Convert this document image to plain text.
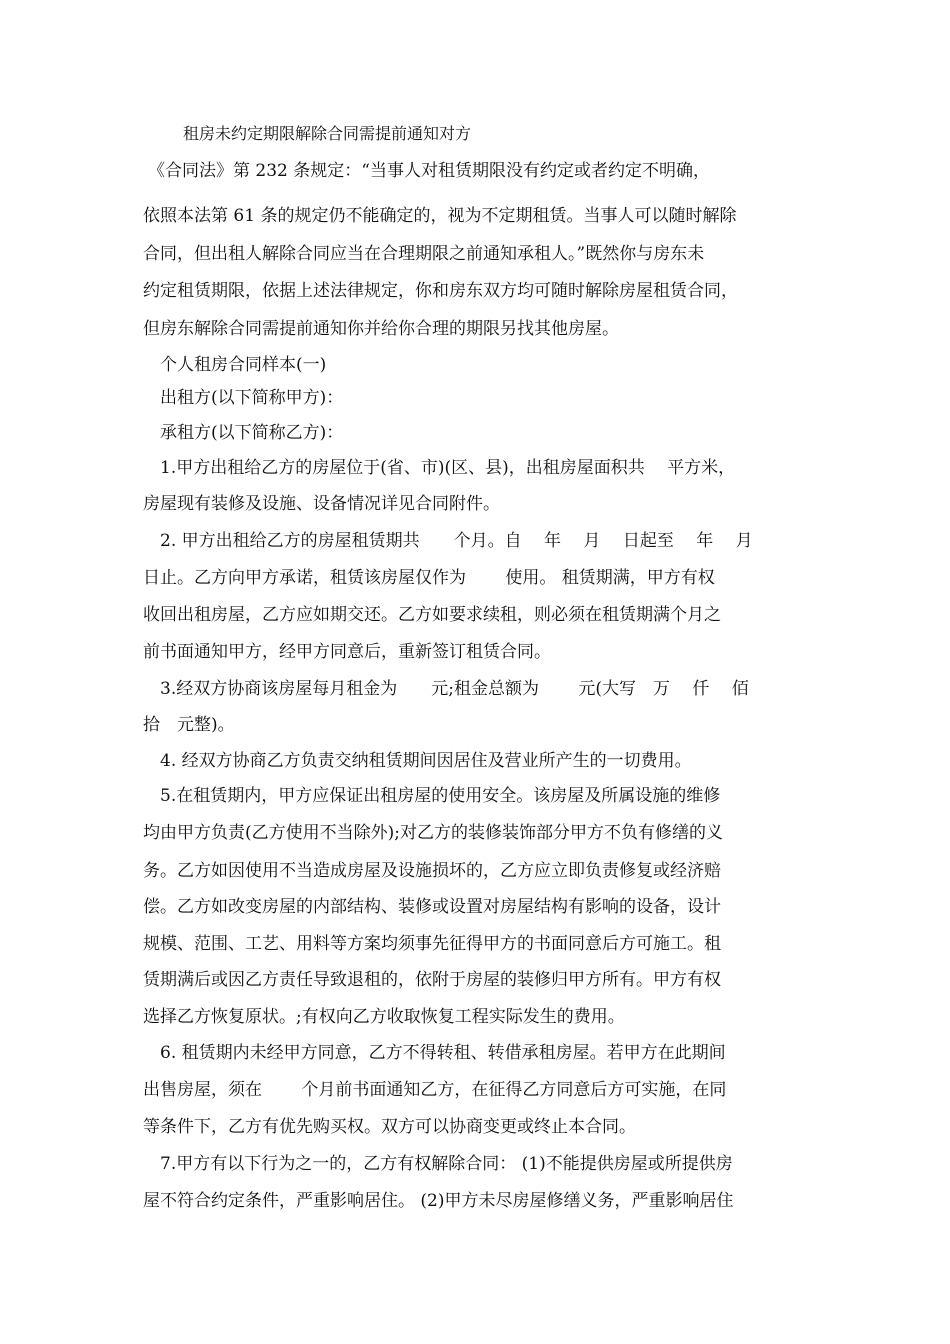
租房未约定期限解除合同需提前通知对方
《合同法》第 232 条规定：“当事人对租赁期限没有约定或者约定不明确，
依照本法第 61 条的规定仍不能确定的，视为不定期租赁。当事人可以随时解除
合同，但出租人解除合同应当在合理期限之前通知承租人。”既然你与房东未
约定租赁期限，依据上述法律规定，你和房东双方均可随时解除房屋租赁合同，
但房东解除合同需提前通知你并给你合理的期限另找其他房屋。
个人租房合同样本(一)
出租方(以下简称甲方)：
承租方(以下简称乙方)：
1.甲方出租给乙方的房屋位于(省、市)(区、县)，出租房屋面积共　 平方米，
房屋现有装修及设施、设备情况详见合同附件。
2. 甲方出租给乙方的房屋租赁期共　　个月。自　 年　 月　 日起至　 年　 月
日止。乙方向甲方承诺，租赁该房屋仅作为　　 使用。 租赁期满，甲方有权
收回出租房屋，乙方应如期交还。乙方如要求续租，则必须在租赁期满个月之
前书面通知甲方，经甲方同意后，重新签订租赁合同。
3.经双方协商该房屋每月租金为　　元;租金总额为　　 元(大写　万　 仟　 佰
拾　元整)。
4. 经双方协商乙方负责交纳租赁期间因居住及营业所产生的一切费用。
5.在租赁期内，甲方应保证出租房屋的使用安全。该房屋及所属设施的维修
均由甲方负责(乙方使用不当除外);对乙方的装修装饰部分甲方不负有修缮的义
务。乙方如因使用不当造成房屋及设施损坏的，乙方应立即负责修复或经济赔
偿。乙方如改变房屋的内部结构、装修或设置对房屋结构有影响的设备，设计
规模、范围、工艺、用料等方案均须事先征得甲方的书面同意后方可施工。租
赁期满后或因乙方责任导致退租的，依附于房屋的装修归甲方所有。甲方有权
选择乙方恢复原状。;有权向乙方收取恢复工程实际发生的费用。
6. 租赁期内未经甲方同意，乙方不得转租、转借承租房屋。若甲方在此期间
出售房屋，须在　　 个月前书面通知乙方，在征得乙方同意后方可实施，在同
等条件下，乙方有优先购买权。双方可以协商变更或终止本合同。
7.甲方有以下行为之一的，乙方有权解除合同： (1)不能提供房屋或所提供房
屋不符合约定条件，严重影响居住。 (2)甲方未尽房屋修缮义务，严重影响居住
